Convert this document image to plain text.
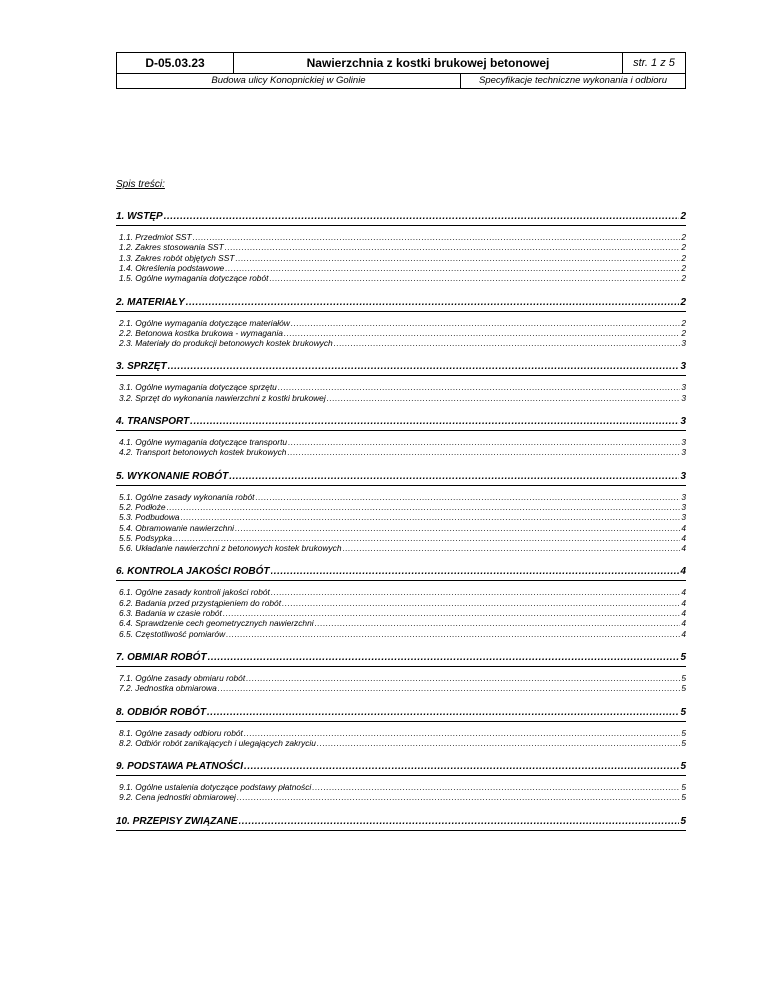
D-05.03.23	Nawierzchnia z kostki brukowej betonowej	str. 1 z 5
Budowa ulicy Konopnickiej w Golinie	Specyfikacje techniczne wykonania i odbioru
Spis treści:
1. WSTĘP .....	2
1.1. Przedmiot SST .....	2
1.2. Zakres stosowania SST .....	2
1.3. Zakres robót objętych SST .....	2
1.4. Określenia podstawowe .....	2
1.5. Ogólne wymagania dotyczące robót .....	2
2. MATERIAŁY .....	2
2.1. Ogólne wymagania dotyczące materiałów .....	2
2.2. Betonowa kostka brukowa - wymagania .....	2
2.3. Materiały do produkcji betonowych kostek brukowych .....	3
3. SPRZĘT .....	3
3.1. Ogólne wymagania dotyczące sprzętu .....	3
3.2. Sprzęt do wykonania nawierzchni z kostki brukowej .....	3
4. TRANSPORT .....	3
4.1. Ogólne wymagania dotyczące transportu .....	3
4.2. Transport betonowych kostek brukowych .....	3
5. WYKONANIE ROBÓT .....	3
5.1. Ogólne zasady wykonania robót .....	3
5.2. Podłoże .....	3
5.3. Podbudowa .....	3
5.4. Obramowanie nawierzchni .....	4
5.5. Podsypka .....	4
5.6. Układanie nawierzchni z betonowych kostek brukowych .....	4
6. KONTROLA JAKOŚCI ROBÓT .....	4
6.1. Ogólne zasady kontroli jakości robót .....	4
6.2. Badania przed przystąpieniem do robót .....	4
6.3. Badania w czasie robót .....	4
6.4. Sprawdzenie cech geometrycznych nawierzchni .....	4
6.5. Częstotliwość pomiarów .....	4
7. OBMIAR ROBÓT .....	5
7.1. Ogólne zasady obmiaru robót .....	5
7.2. Jednostka obmiarowa .....	5
8. ODBIÓR ROBÓT .....	5
8.1. Ogólne zasady odbioru robót .....	5
8.2. Odbiór robót zanikających i ulegających zakryciu .....	5
9. PODSTAWA PŁATNOŚCI .....	5
9.1. Ogólne ustalenia dotyczące podstawy płatności .....	5
9.2. Cena jednostki obmiarowej .....	5
10. PRZEPISY ZWIĄZANE .....	5
